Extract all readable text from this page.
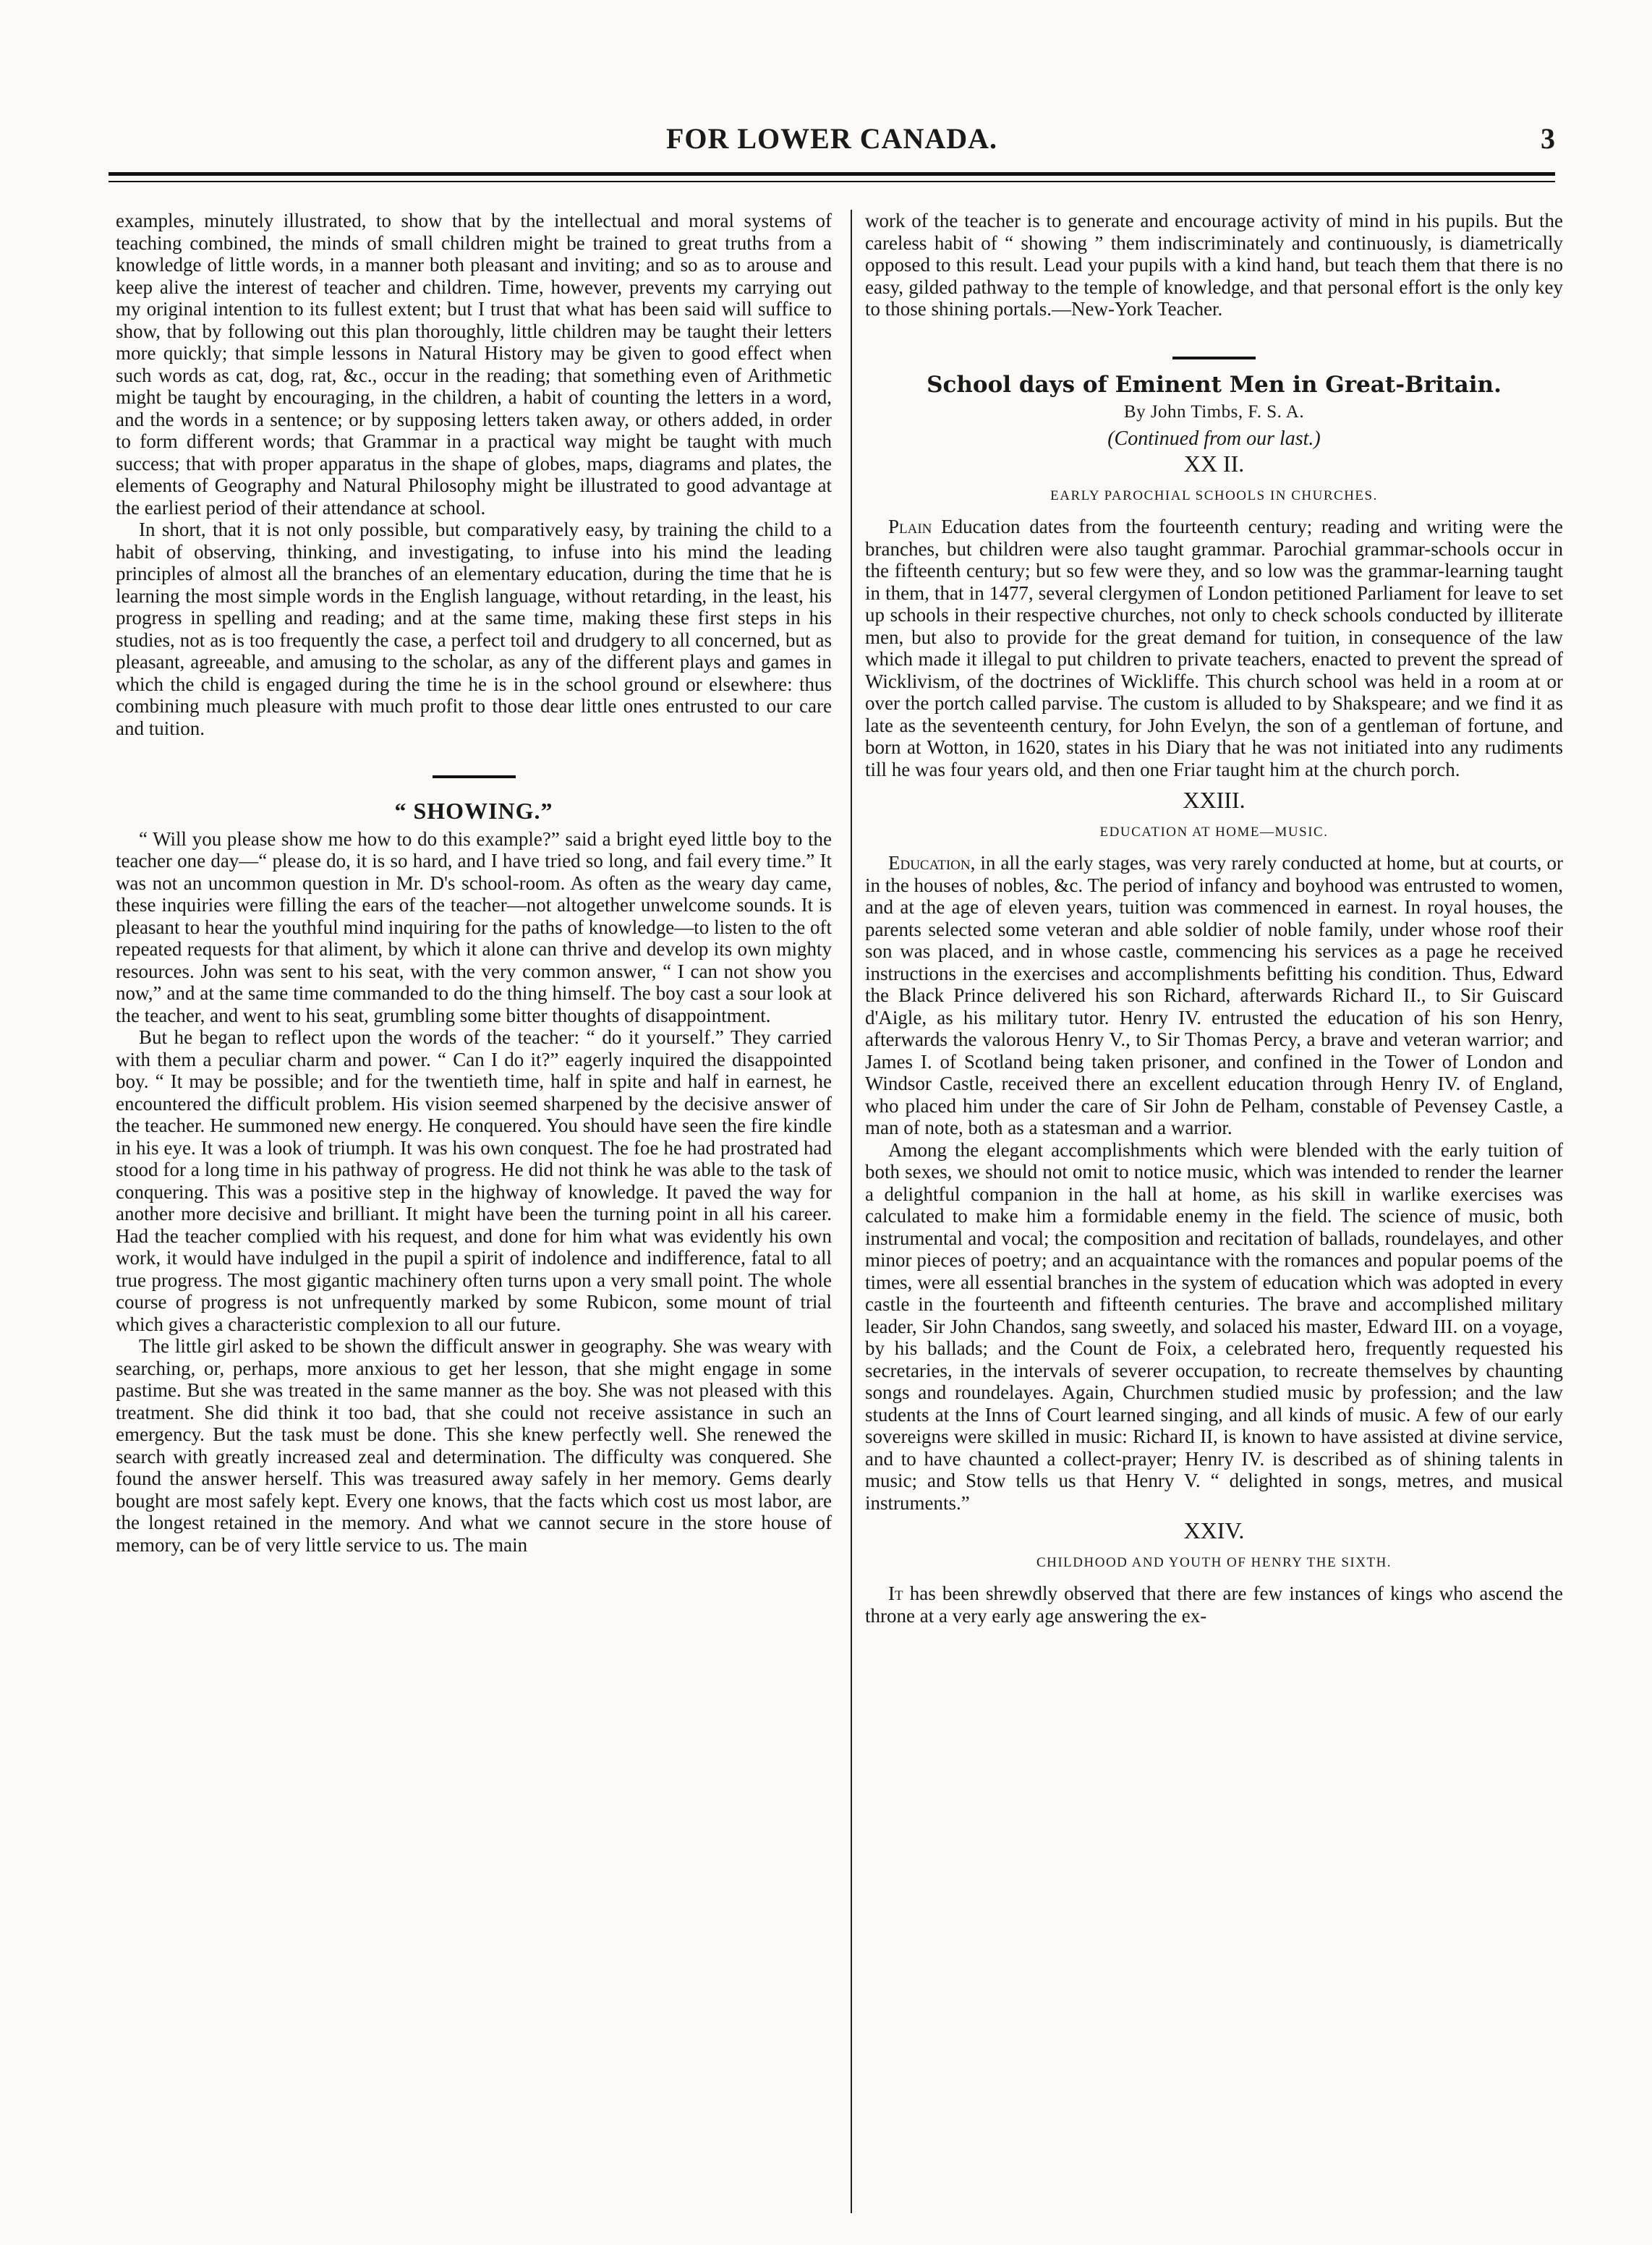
FOR LOWER CANADA.	3

examples, minutely illustrated, to show that by the intellectual and moral systems of teaching combined, the minds of small children might be trained to great truths from a knowledge of little words, in a manner both pleasant and inviting; and so as to arouse and keep alive the interest of teacher and children. Time, however, prevents my carrying out my original intention to its fullest extent; but I trust that what has been said will suffice to show, that by following out this plan thoroughly, little children may be taught their letters more quickly; that simple lessons in Natural History may be given to good effect when such words as cat, dog, rat, &c., occur in the reading; that something even of Arithmetic might be taught by encouraging, in the children, a habit of counting the letters in a word, and the words in a sentence; or by supposing letters taken away, or others added, in order to form different words; that Grammar in a practical way might be taught with much success; that with proper apparatus in the shape of globes, maps, diagrams and plates, the elements of Geography and Natural Philosophy might be illustrated to good advantage at the earliest period of their attendance at school.

In short, that it is not only possible, but comparatively easy, by training the child to a habit of observing, thinking, and investigating, to infuse into his mind the leading principles of almost all the branches of an elementary education, during the time that he is learning the most simple words in the English language, without retarding, in the least, his progress in spelling and reading; and at the same time, making these first steps in his studies, not as is too frequently the case, a perfect toil and drudgery to all concerned, but as pleasant, agreeable, and amusing to the scholar, as any of the different plays and games in which the child is engaged during the time he is in the school ground or elsewhere: thus combining much pleasure with much profit to those dear little ones entrusted to our care and tuition.

“ SHOWING.”

“ Will you please show me how to do this example?” said a bright eyed little boy to the teacher one day—“ please do, it is so hard, and I have tried so long, and fail every time.” It was not an uncommon question in Mr. D's school-room. As often as the weary day came, these inquiries were filling the ears of the teacher—not altogether unwelcome sounds. It is pleasant to hear the youthful mind inquiring for the paths of knowledge—to listen to the oft repeated requests for that aliment, by which it alone can thrive and develop its own mighty resources. John was sent to his seat, with the very common answer, “ I can not show you now,” and at the same time commanded to do the thing himself. The boy cast a sour look at the teacher, and went to his seat, grumbling some bitter thoughts of disappointment.

But he began to reflect upon the words of the teacher: “ do it yourself.” They carried with them a peculiar charm and power. “ Can I do it?” eagerly inquired the disappointed boy. “ It may be possible; and for the twentieth time, half in spite and half in earnest, he encountered the difficult problem. His vision seemed sharpened by the decisive answer of the teacher. He summoned new energy. He conquered. You should have seen the fire kindle in his eye. It was a look of triumph. It was his own conquest. The foe he had prostrated had stood for a long time in his pathway of progress. He did not think he was able to the task of conquering. This was a positive step in the highway of knowledge. It paved the way for another more decisive and brilliant. It might have been the turning point in all his career. Had the teacher complied with his request, and done for him what was evidently his own work, it would have indulged in the pupil a spirit of indolence and indifference, fatal to all true progress. The most gigantic machinery often turns upon a very small point. The whole course of progress is not unfrequently marked by some Rubicon, some mount of trial which gives a characteristic complexion to all our future.

The little girl asked to be shown the difficult answer in geography. She was weary with searching, or, perhaps, more anxious to get her lesson, that she might engage in some pastime. But she was treated in the same manner as the boy. She was not pleased with this treatment. She did think it too bad, that she could not receive assistance in such an emergency. But the task must be done. This she knew perfectly well. She renewed the search with greatly increased zeal and determination. The difficulty was conquered. She found the answer herself. This was treasured away safely in her memory. Gems dearly bought are most safely kept. Every one knows, that the facts which cost us most labor, are the longest retained in the memory. And what we cannot secure in the store house of memory, can be of very little service to us. The main

work of the teacher is to generate and encourage activity of mind in his pupils. But the careless habit of “ showing ” them indiscriminately and continuously, is diametrically opposed to this result. Lead your pupils with a kind hand, but teach them that there is no easy, gilded pathway to the temple of knowledge, and that personal effort is the only key to those shining portals.—New-York Teacher.

School days of Eminent Men in Great-Britain.
By John Timbs, F. S. A.
(Continued from our last.)
XX II.
EARLY PAROCHIAL SCHOOLS IN CHURCHES.

Plain Education dates from the fourteenth century; reading and writing were the branches, but children were also taught grammar. Parochial grammar-schools occur in the fifteenth century; but so few were they, and so low was the grammar-learning taught in them, that in 1477, several clergymen of London petitioned Parliament for leave to set up schools in their respective churches, not only to check schools conducted by illiterate men, but also to provide for the great demand for tuition, in consequence of the law which made it illegal to put children to private teachers, enacted to prevent the spread of Wicklivism, of the doctrines of Wickliffe. This church school was held in a room at or over the portch called parvise. The custom is alluded to by Shakspeare; and we find it as late as the seventeenth century, for John Evelyn, the son of a gentleman of fortune, and born at Wotton, in 1620, states in his Diary that he was not initiated into any rudiments till he was four years old, and then one Friar taught him at the church porch.

XXIII.
EDUCATION AT HOME—MUSIC.

Education, in all the early stages, was very rarely conducted at home, but at courts, or in the houses of nobles, &c. The period of infancy and boyhood was entrusted to women, and at the age of eleven years, tuition was commenced in earnest. In royal houses, the parents selected some veteran and able soldier of noble family, under whose roof their son was placed, and in whose castle, commencing his services as a page he received instructions in the exercises and accomplishments befitting his condition. Thus, Edward the Black Prince delivered his son Richard, afterwards Richard II., to Sir Guiscard d'Aigle, as his military tutor. Henry IV. entrusted the education of his son Henry, afterwards the valorous Henry V., to Sir Thomas Percy, a brave and veteran warrior; and James I. of Scotland being taken prisoner, and confined in the Tower of London and Windsor Castle, received there an excellent education through Henry IV. of England, who placed him under the care of Sir John de Pelham, constable of Pevensey Castle, a man of note, both as a statesman and a warrior.

Among the elegant accomplishments which were blended with the early tuition of both sexes, we should not omit to notice music, which was intended to render the learner a delightful companion in the hall at home, as his skill in warlike exercises was calculated to make him a formidable enemy in the field. The science of music, both instrumental and vocal; the composition and recitation of ballads, roundelayes, and other minor pieces of poetry; and an acquaintance with the romances and popular poems of the times, were all essential branches in the system of education which was adopted in every castle in the fourteenth and fifteenth centuries. The brave and accomplished military leader, Sir John Chandos, sang sweetly, and solaced his master, Edward III. on a voyage, by his ballads; and the Count de Foix, a celebrated hero, frequently requested his secretaries, in the intervals of severer occupation, to recreate themselves by chaunting songs and roundelayes. Again, Churchmen studied music by profession; and the law students at the Inns of Court learned singing, and all kinds of music. A few of our early sovereigns were skilled in music: Richard II, is known to have assisted at divine service, and to have chaunted a collect-prayer; Henry IV. is described as of shining talents in music; and Stow tells us that Henry V. “ delighted in songs, metres, and musical instruments.”

XXIV.
CHILDHOOD AND YOUTH OF HENRY THE SIXTH.

It has been shrewdly observed that there are few instances of kings who ascend the throne at a very early age answering the ex-
